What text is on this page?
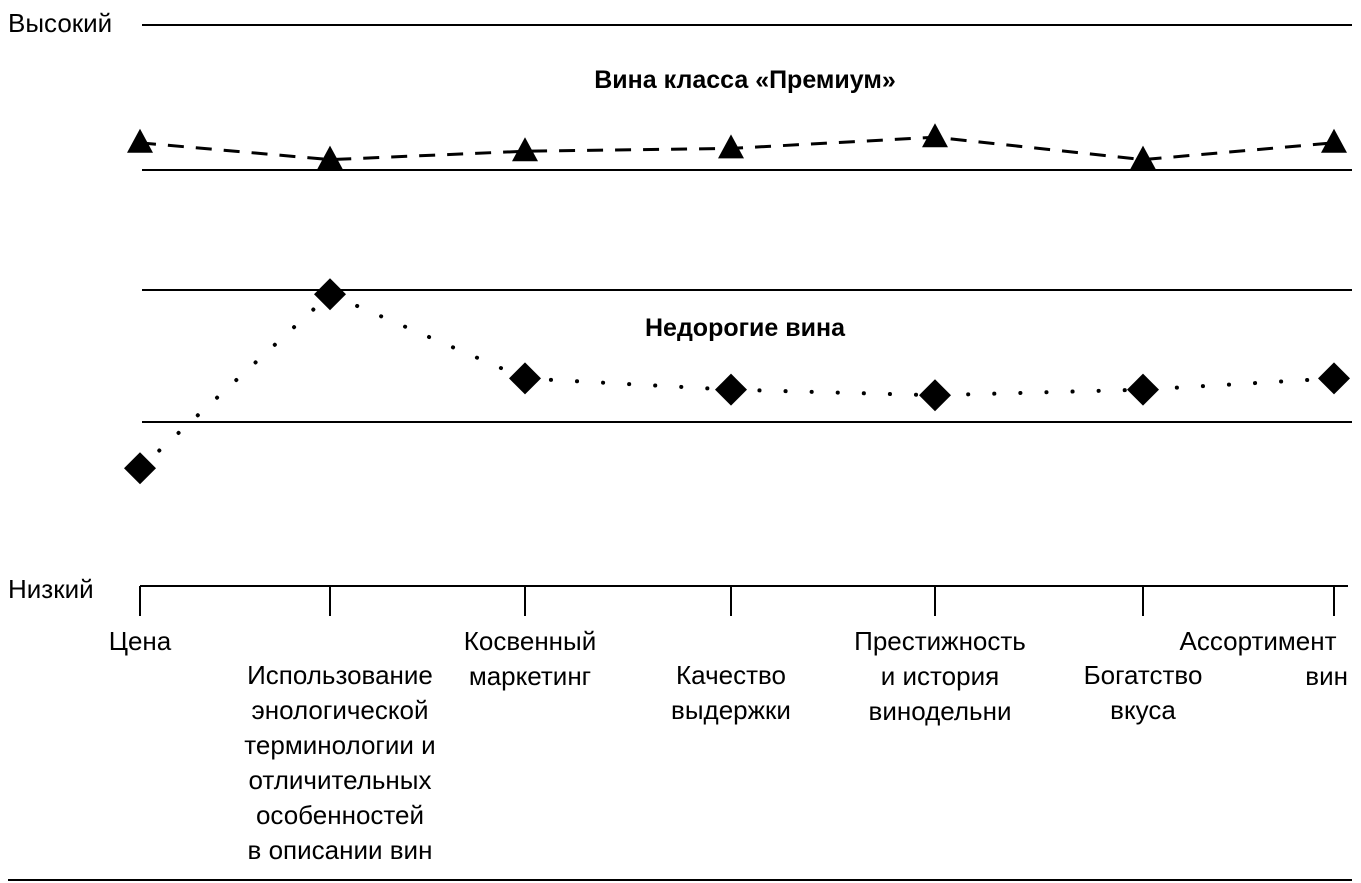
Высокий
Низкий
Цена
Использование
энологической
терминологии и
отличительных
особенностей
в описании вин
Косвенный
маркетинг	Качество
выдержки
Престижность
и история
винодельни
Богатство
вкуса
Ассортимент
вин
Вина класса «Премиум»
Недорогие вина
